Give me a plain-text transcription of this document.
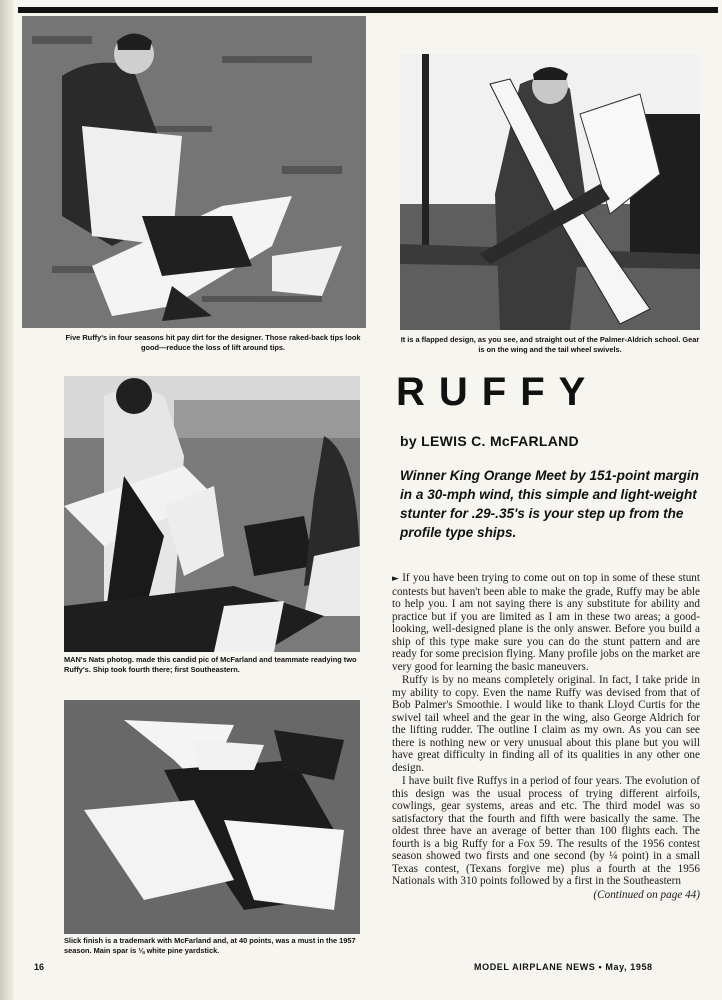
Five Ruffy's in four seasons hit pay dirt for the designer. Those raked-back tips look good—reduce the loss of lift around tips.
It is a flapped design, as you see, and straight out of the Palmer-Aldrich school. Gear is on the wing and the tail wheel swivels.
MAN's Nats photog. made this candid pic of McFarland and teammate readying two Ruffy's. Ship took fourth there; first Southeastern.
Slick finish is a trademark with McFarland and, at 40 points, was a must in the 1957 season. Main spar is ⅛ white pine yardstick.
RUFFY
by LEWIS C. McFARLAND
Winner King Orange Meet by 151-point margin in a 30-mph wind, this simple and light-weight stunter for .29-.35's is your step up from the profile type ships.

► If you have been trying to come out on top in some of these stunt contests but haven't been able to make the grade, Ruffy may be able to help you. I am not saying there is any substitute for ability and practice but if you are limited as I am in these two areas; a good-looking, well-designed plane is the only answer. Before you build a ship of this type make sure you can do the stunt pattern and are ready for some precision flying. Many profile jobs on the market are very good for learning the basic maneuvers.

Ruffy is by no means completely original. In fact, I take pride in my ability to copy. Even the name Ruffy was devised from that of Bob Palmer's Smoothie. I would like to thank Lloyd Curtis for the swivel tail wheel and the gear in the wing, also George Aldrich for the lifting rudder. The outline I claim as my own. As you can see there is nothing new or very unusual about this plane but you will have great difficulty in finding all of its qualities in any other one design.

I have built five Ruffys in a period of four years. The evolution of this design was the usual process of trying different airfoils, cowlings, gear systems, areas and etc. The third model was so satisfactory that the fourth and fifth were basically the same. The oldest three have an average of better than 100 flights each. The fourth is a big Ruffy for a Fox 59. The results of the 1956 contest season showed two firsts and one second (by ¼ point) in a small Texas contest, (Texans forgive me) plus a fourth at the 1956 Nationals with 310 points followed by a first in the Southeastern

(Continued on page 44)
16	MODEL AIRPLANE NEWS • May, 1958
